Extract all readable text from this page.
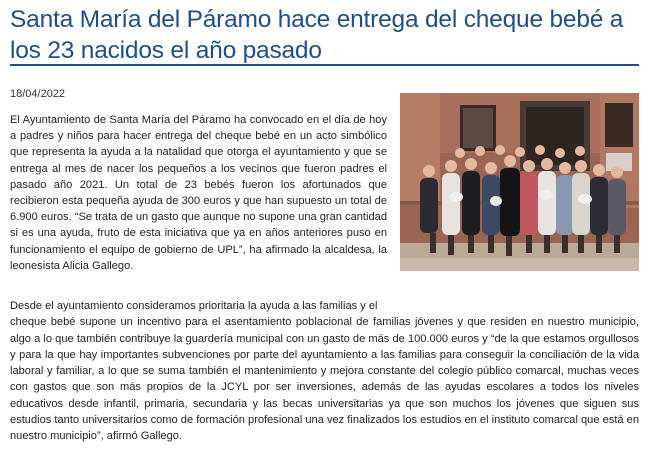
Santa María del Páramo hace entrega del cheque bebé a los 23 nacidos el año pasado
18/04/2022

El Ayuntamiento de Santa María del Páramo ha convocado en el día de hoy a padres y niños para hacer entrega del cheque bebé en un acto simbólico que representa la ayuda a la natalidad que otorga el ayuntamiento y que se entrega al mes de nacer los pequeños a los vecinos que fueron padres el pasado año 2021. Un total de 23 bebés fueron los afortunados que recibieron esta pequeña ayuda de 300 euros y que han supuesto un total de 6.900 euros. “Se trata de un gasto que aunque no supone una gran cantidad si es una ayuda, fruto de esta iniciativa que ya en años anteriores puso en funcionamiento el equipo de gobierno de UPL”, ha afirmado la alcaldesa, la leonesista Alicia Gallego.

Desde el ayuntamiento consideramos prioritaria la ayuda a las familias y el
cheque bebé supone un incentivo para el asentamiento poblacional de familias jóvenes y que residen en nuestro municipio, algo a lo que también contribuye la guardería municipal con un gasto de más de 100.000 euros y “de la que estamos orgullosos y para la que hay importantes subvenciones por parte del ayuntamiento a las familias para conseguir la conciliación de la vida laboral y familiar, a lo que se suma también el mantenimiento y mejora constante del colegio público comarcal, muchas veces con gastos que son más propios de la JCYL por ser inversiones, además de las ayudas escolares a todos los niveles educativos desde infantil, primaria, secundaria y las becas universitarias ya que son muchos los jóvenes que siguen sus estudios tanto universitarios como de formación profesional una vez finalizados los estudios en el instituto comarcal que está en nuestro municipio”, afirmó Gallego.
